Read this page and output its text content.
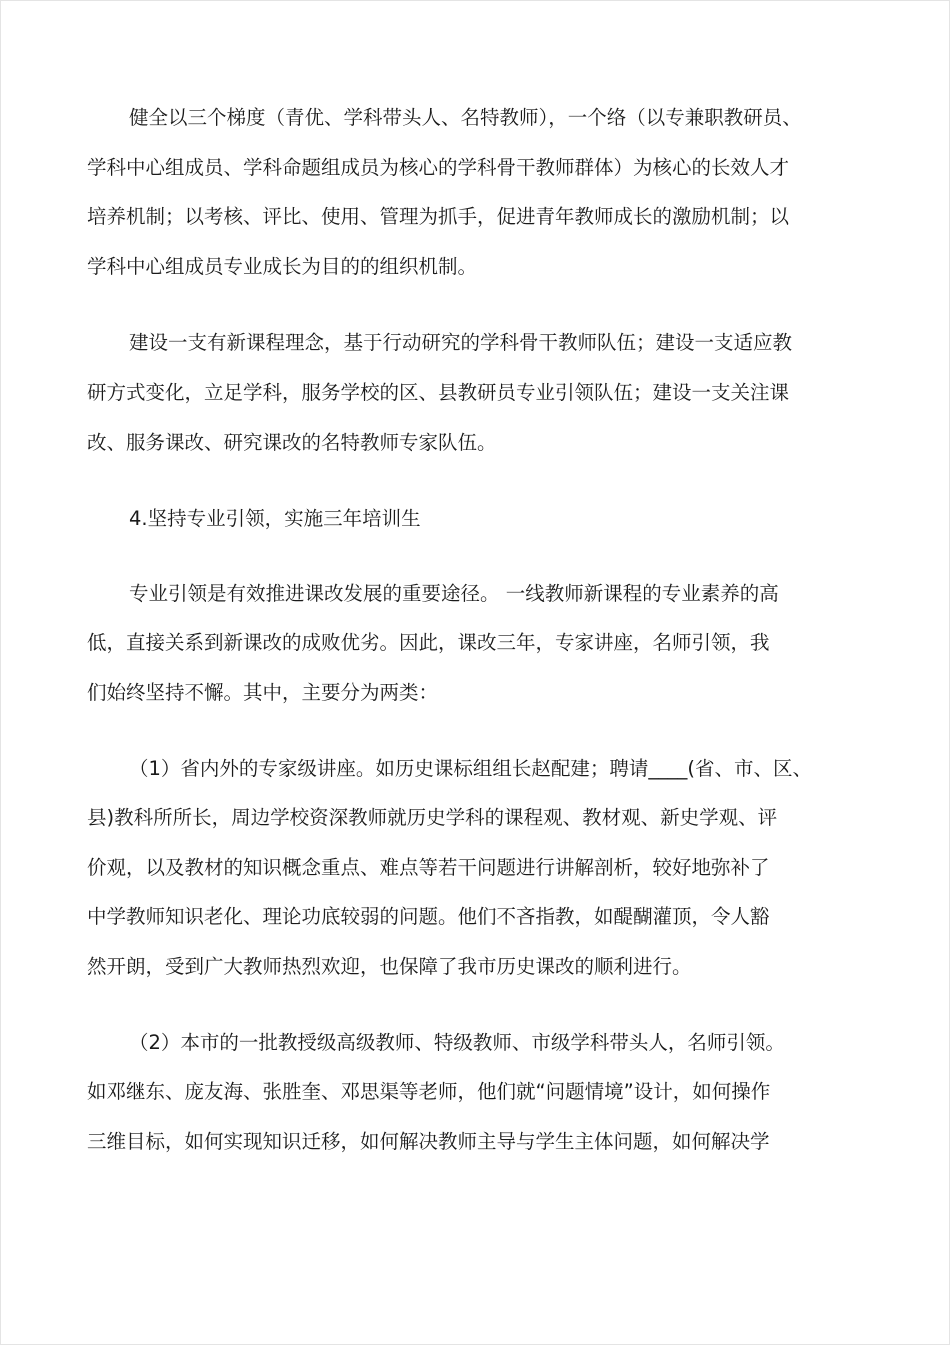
健全以三个梯度（青优、学科带头人、名特教师），一个络（以专兼职教研员、
学科中心组成员、学科命题组成员为核心的学科骨干教师群体）为核心的长效人才
培养机制；以考核、评比、使用、管理为抓手，促进青年教师成长的激励机制；以
学科中心组成员专业成长为目的的组织机制。
建设一支有新课程理念，基于行动研究的学科骨干教师队伍；建设一支适应教
研方式变化，立足学科，服务学校的区、县教研员专业引领队伍；建设一支关注课
改、服务课改、研究课改的名特教师专家队伍。
4.坚持专业引领，实施三年培训生
专业引领是有效推进课改发展的重要途径。 一线教师新课程的专业素养的高
低，直接关系到新课改的成败优劣。因此，课改三年，专家讲座，名师引领，我
们始终坚持不懈。其中，主要分为两类：
（1）省内外的专家级讲座。如历史课标组组长赵配建；聘请____(省、市、区、
县)教科所所长，周边学校资深教师就历史学科的课程观、教材观、新史学观、评
价观，以及教材的知识概念重点、难点等若干问题进行讲解剖析，较好地弥补了
中学教师知识老化、理论功底较弱的问题。他们不吝指教，如醍醐灌顶，令人豁
然开朗，受到广大教师热烈欢迎，也保障了我市历史课改的顺利进行。
（2）本市的一批教授级高级教师、特级教师、市级学科带头人，名师引领。
如邓继东、庞友海、张胜奎、邓思渠等老师，他们就“问题情境”设计，如何操作
三维目标，如何实现知识迁移，如何解决教师主导与学生主体问题，如何解决学
